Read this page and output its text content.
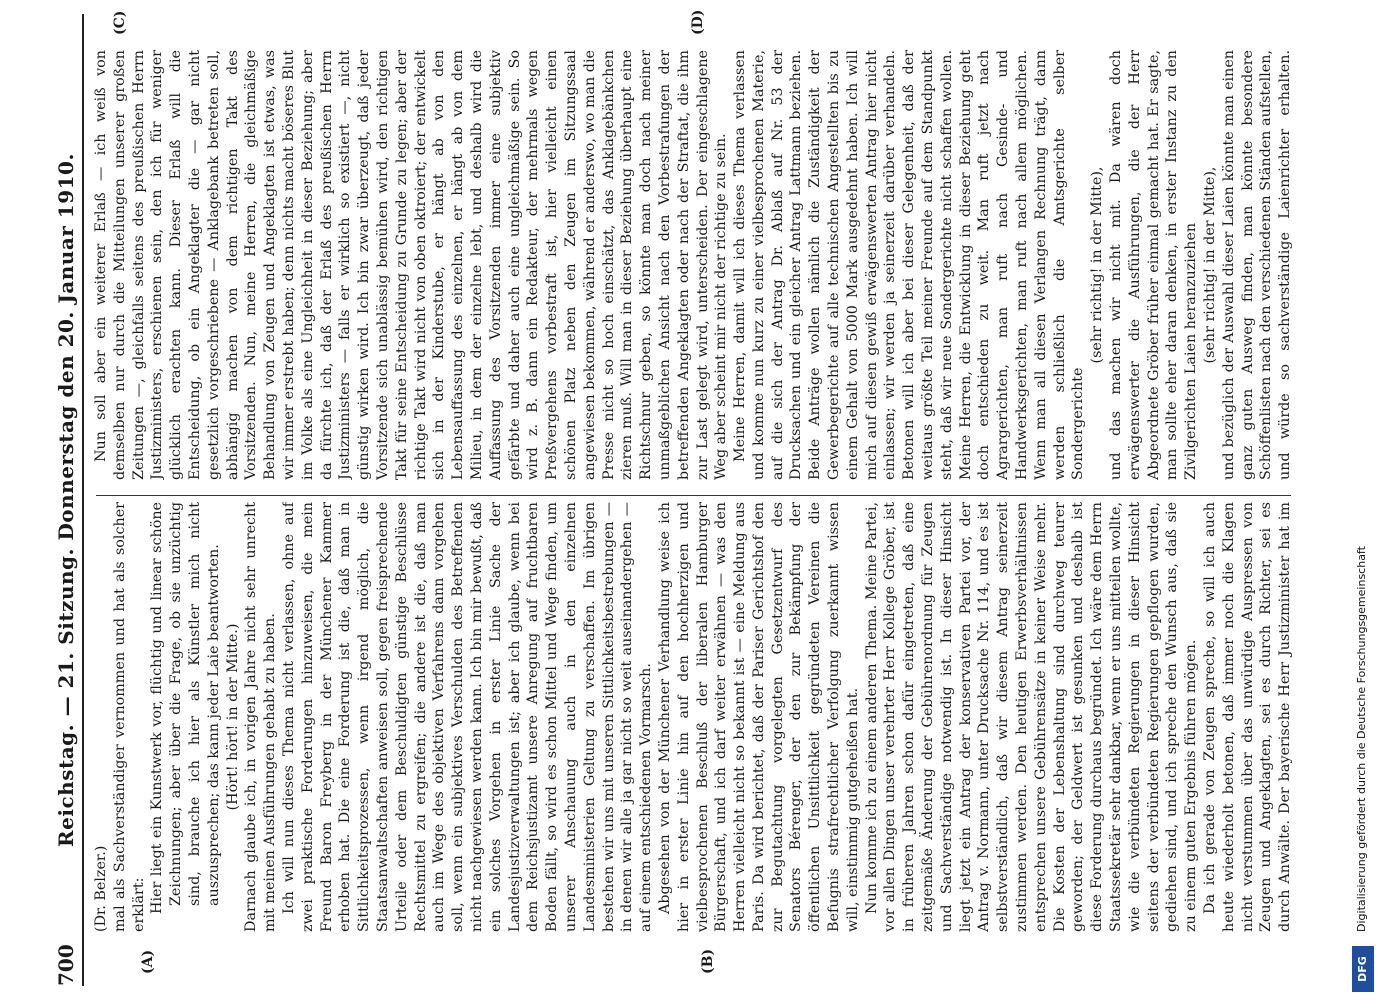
700
Reichstag. — 21. Sitzung. Donnerstag den 20. Januar 1910.
(A)	(B)
(C)	(D)

(Dr. Belzer.) mal als Sachverständiger vernommen und hat als solcher erklärt: Hier liegt ein Kunstwerk vor, flüchtig und linear schöne Zeichnungen; aber über die Frage, ob sie unzüchtig sind, brauche ich hier als Künstler mich nicht auszusprechen; das kann jeder Laie beantworten. (Hört! hört! in der Mitte.) Darnach glaube ich, in vorigen Jahre nicht sehr unrecht mit meinen Ausführungen gehabt zu haben. Ich will nun dieses Thema nicht verlassen, ohne auf zwei praktische Forderungen hinzuweisen, die mein Freund Baron Freyberg in der Münchener Kammer erhoben hat. Die eine Forderung ist die, daß man in Sittlichkeitsprozessen, wenn irgend möglich, die Staatsanwaltschaften anweisen soll, gegen freisprechende Urteile oder dem Beschuldigten günstige Beschlüsse Rechtsmittel zu ergreifen; die andere ist die, daß man auch im Wege des objektiven Verfahrens dann vorgehen soll, wenn ein subjektives Verschulden des Betreffenden nicht nachgewiesen werden kann. Ich bin mir bewußt, daß ein solches Vorgehen in erster Linie Sache der Landesjustizverwaltungen ist; aber ich glaube, wenn bei dem Reichsjustizamt unsere Anregung auf fruchtbaren Boden fällt, so wird es schon Mittel und Wege finden, um unserer Anschauung auch in den einzelnen Landesministerien Geltung zu verschaffen. Im übrigen bestehen wir uns mit unseren Sittlichkeitsbestrebungen — in denen wir alle ja gar nicht so weit auseinandergehen — auf einem entschiedenen Vormarsch. Abgesehen von der Münchener Verhandlung weise ich hier in erster Linie hin auf den hochherzigen und vielbesprochenen Beschluß der liberalen Hamburger Bürgerschaft, und ich darf weiter erwähnen — was den Herren vielleicht nicht so bekannt ist — eine Meldung aus Paris. Da wird berichtet, daß der Pariser Gerichtshof den zur Begutachtung vorgelegten Gesetzentwurf des Senators Bérenger, der den zur Bekämpfung der öffentlichen Unsittlichkeit gegründeten Vereinen die Befugnis strafrechtlicher Verfolgung zuerkannt wissen will, einstimmig gutgeheißen hat. Nun komme ich zu einem anderen Thema. Meine Partei, vor allen Dingen unser verehrter Herr Kollege Gröber, ist in früheren Jahren schon dafür eingetreten, daß eine zeitgemäße Änderung der Gebührenordnung für Zeugen und Sachverständige notwendig ist. In dieser Hinsicht liegt jetzt ein Antrag der konservativen Partei vor, der Antrag v. Normann, unter Drucksache Nr. 114, und es ist selbstverständlich, daß wir diesem Antrag seinerzeit zustimmen werden. Den heutigen Erwerbsverhältnissen entsprechen unsere Gebührensätze in keiner Weise mehr. Die Kosten der Lebenshaltung sind durchweg teurer geworden; der Geldwert ist gesunken und deshalb ist diese Forderung durchaus begründet. Ich wäre dem Herrn Staatssekretär sehr dankbar, wenn er uns mitteilen wollte, wie die verbündeten Regierungen in dieser Hinsicht seitens der verbündeten Regierungen gepflogen wurden, gediehen sind, und ich spreche den Wunsch aus, daß sie zu einem guten Ergebnis führen mögen. Da ich gerade von Zeugen spreche, so will ich auch heute wiederholt betonen, daß immer noch die Klagen nicht verstummen über das unwürdige Auspressen von Zeugen und Angeklagten, sei es durch Richter, sei es durch Anwälte. Der bayerische Herr Justizminister hat im

Nun soll aber ein weiterer Erlaß — ich weiß von demselben nur durch die Mitteilungen unserer großen Zeitungen —, gleichfalls seitens des preußischen Herrn Justizministers, erschienen sein, den ich für weniger glücklich erachten kann. Dieser Erlaß will die Entscheidung, ob ein Angeklagter die — gar nicht gesetzlich vorgeschriebene — Anklagebank betreten soll, abhängig machen von dem richtigen Takt des Vorsitzenden. Nun, meine Herren, die gleichmäßige Behandlung von Zeugen und Angeklagten ist etwas, was wir immer erstrebt haben; denn nichts macht böseres Blut im Volke als eine Ungleichheit in dieser Beziehung; aber da fürchte ich, daß der Erlaß des preußischen Herrn Justizministers — falls er wirklich so existiert —, nicht günstig wirken wird. Ich bin zwar überzeugt, daß jeder Vorsitzende sich unablässig bemühen wird, den richtigen Takt für seine Entscheidung zu Grunde zu legen; aber der richtige Takt wird nicht von oben oktroiert; der entwickelt sich in der Kinderstube, er hängt ab von den Lebensauffassung des einzelnen, er hängt ab von dem Milieu, in dem der einzelne lebt, und deshalb wird die Auffassung des Vorsitzenden immer eine subjektiv gefärbte und daher auch eine ungleichmäßige sein. So wird z. B. dann ein Redakteur, der mehrmals wegen Preßvergehens vorbestraft ist, hier vielleicht einen schönen Platz neben den Zeugen im Sitzungssaal angewiesen bekommen, während er anderswo, wo man die Presse nicht so hoch einschätzt, das Anklagebänkchen zieren muß. Will man in dieser Beziehung überhaupt eine Richtschnur geben, so könnte man doch nach meiner unmaßgeblichen Ansicht nach den Vorbestrafungen der betreffenden Angeklagten oder nach der Straftat, die ihm zur Last gelegt wird, unterscheiden. Der eingeschlagene Weg aber scheint mir nicht der richtige zu sein. Meine Herren, damit will ich dieses Thema verlassen und komme nun kurz zu einer vielbesprochenen Materie, auf die sich der Antrag Dr. Ablaß auf Nr. 53 der Drucksachen und ein gleicher Antrag Lattmann beziehen. Beide Anträge wollen nämlich die Zuständigkeit der Gewerbegerichte auf alle technischen Angestellten bis zu einem Gehalt von 5000 Mark ausgedehnt haben. Ich will mich auf diesen gewiß erwägenswerten Antrag hier nicht einlassen; wir werden ja seinerzeit darüber verhandeln. Betonen will ich aber bei dieser Gelegenheit, daß der weitaus größte Teil meiner Freunde auf dem Standpunkt steht, daß wir neue Sondergerichte nicht schaffen wollen. Meine Herren, die Entwicklung in dieser Beziehung geht doch entschieden zu weit. Man ruft jetzt nach Agrargerichten, man ruft nach Gesinde- und Handwerksgerichten, man ruft nach allem möglichen. Wenn man all diesen Verlangen Rechnung trägt, dann werden schließlich die Amtsgerichte selber Sondergerichte

(sehr richtig! in der Mitte), und das machen wir nicht mit. Da wären doch erwägenswerter die Ausführungen, die der Herr Abgeordnete Gröber früher einmal gemacht hat. Er sagte, man sollte eher daran denken, in erster Instanz zu den Zivilgerichten Laien heranzuziehen (sehr richtig! in der Mitte),

und bezüglich der Auswahl dieser Laien könnte man einen ganz guten Ausweg finden, man könnte besondere Schöffenlisten nach den verschiedenen Ständen aufstellen, und würde so sachverständige Laienrichter erhalten.

DFG
Digitalisierung gefördert durch die Deutsche Forschungsgemeinschaft
